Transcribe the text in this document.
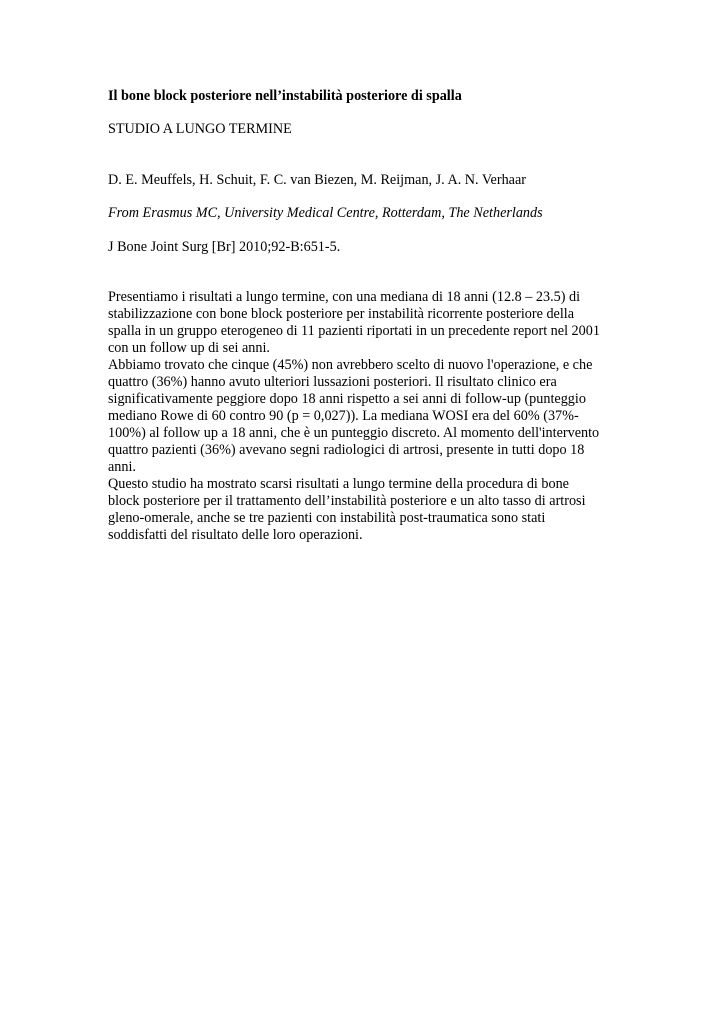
Il bone block posteriore nell’instabilità posteriore di spalla
STUDIO A LUNGO TERMINE
D. E. Meuffels, H. Schuit, F. C. van Biezen, M. Reijman, J. A. N. Verhaar
From Erasmus MC, University Medical Centre, Rotterdam, The Netherlands
J Bone Joint Surg [Br] 2010;92-B:651-5.
Presentiamo i risultati a lungo termine, con una mediana di 18 anni (12.8 – 23.5) di
stabilizzazione con bone block posteriore per instabilità ricorrente posteriore della
spalla in un gruppo eterogeneo di 11 pazienti riportati in un precedente report nel 2001
con un follow up di sei anni.
Abbiamo trovato che cinque (45%) non avrebbero scelto di nuovo l'operazione, e che
quattro (36%) hanno avuto ulteriori lussazioni posteriori. Il risultato clinico era
significativamente peggiore dopo 18 anni rispetto a sei anni di follow-up (punteggio
mediano Rowe di 60 contro 90 (p = 0,027)). La mediana WOSI era del 60% (37%-
100%) al follow up a 18 anni, che è un punteggio discreto. Al momento dell'intervento
quattro pazienti (36%) avevano segni radiologici di artrosi, presente in tutti dopo 18
anni.
Questo studio ha mostrato scarsi risultati a lungo termine della procedura di bone
block posteriore per il trattamento dell’instabilità posteriore e un alto tasso di artrosi
gleno-omerale, anche se tre pazienti con instabilità post-traumatica sono stati
soddisfatti del risultato delle loro operazioni.
